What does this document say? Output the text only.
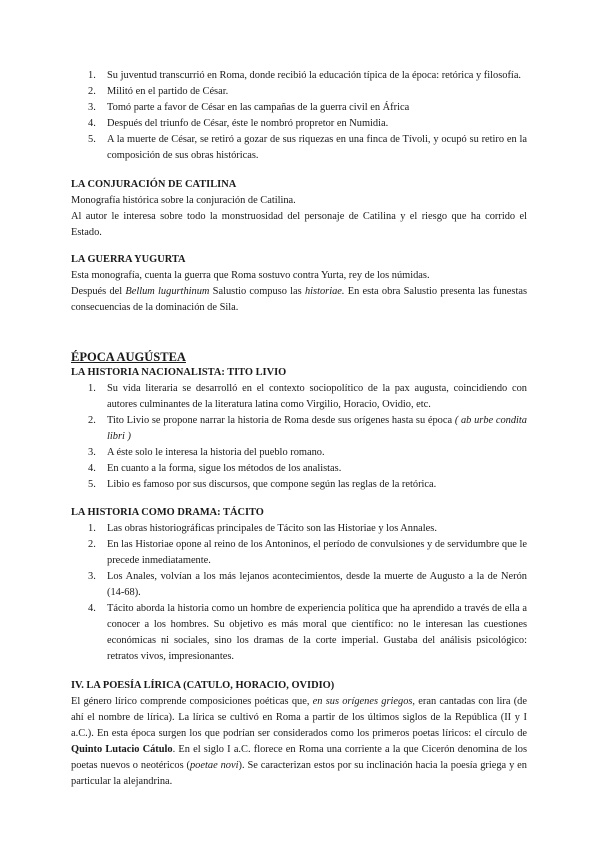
1. Su juventud transcurrió en Roma, donde recibió la educación típica de la época: retórica y filosofía.
2. Militó en el partido de César.
3. Tomó parte a favor de César en las campañas de la guerra civil en África
4. Después del triunfo de César, éste le nombró propretor en Numidia.
5. A la muerte de César, se retiró a gozar de sus riquezas en una finca de Tívoli, y ocupó su retiro en la composición de sus obras históricas.
LA CONJURACIÓN DE CATILINA

Monografía histórica sobre la conjuración de Catilina.

Al autor le interesa sobre todo la monstruosidad del personaje de Catilina y el riesgo que ha corrido el Estado.

LA GUERRA YUGURTA

Esta monografía, cuenta la guerra que Roma sostuvo contra Yurta, rey de los númidas.

Después del Bellum lugurthinum Salustio compuso las historiae. En esta obra Salustio presenta las funestas consecuencias de la dominación de Sila.

ÉPOCA AUGÚSTEA
LA HISTORIA NACIONALISTA: TITO LIVIO
1. Su vida literaria se desarrolló en el contexto sociopolítico de la pax augusta, coincidiendo con autores culminantes de la literatura latina como Virgilio, Horacio, Ovidio, etc.
2. Tito Livio se propone narrar la historia de Roma desde sus orígenes hasta su época ( ab urbe condita libri )
3. A éste solo le interesa la historia del pueblo romano.
4. En cuanto a la forma, sigue los métodos de los analistas.
5. Libio es famoso por sus discursos, que compone según las reglas de la retórica.
LA HISTORIA COMO DRAMA: TÁCITO
1. Las obras historiográficas principales de Tácito son las Historiae y los Annales.
2. En las Historiae opone al reino de los Antoninos, el período de convulsiones y de servidumbre que le precede inmediatamente.
3. Los Anales, volvían a los más lejanos acontecimientos, desde la muerte de Augusto a la de Nerón (14-68).
4. Tácito aborda la historia como un hombre de experiencia política que ha aprendido a través de ella a conocer a los hombres. Su objetivo es más moral que científico: no le interesan las cuestiones económicas ni sociales, sino los dramas de la corte imperial. Gustaba del análisis psicológico: retratos vivos, impresionantes.
IV. LA POESÍA LÍRICA (CATULO, HORACIO, OVIDIO)

El género lírico comprende composiciones poéticas que, en sus orígenes griegos, eran cantadas con lira (de ahí el nombre de lírica). La lírica se cultivó en Roma a partir de los últimos siglos de la República (II y I a.C.). En esta época surgen los que podrían ser considerados como los primeros poetas líricos: el círculo de Quinto Lutacio Cátulo. En el siglo I a.C. florece en Roma una corriente a la que Cicerón denomina de los poetas nuevos o neotéricos (poetae novi). Se caracterizan estos por su inclinación hacia la poesía griega y en particular la alejandrina.
